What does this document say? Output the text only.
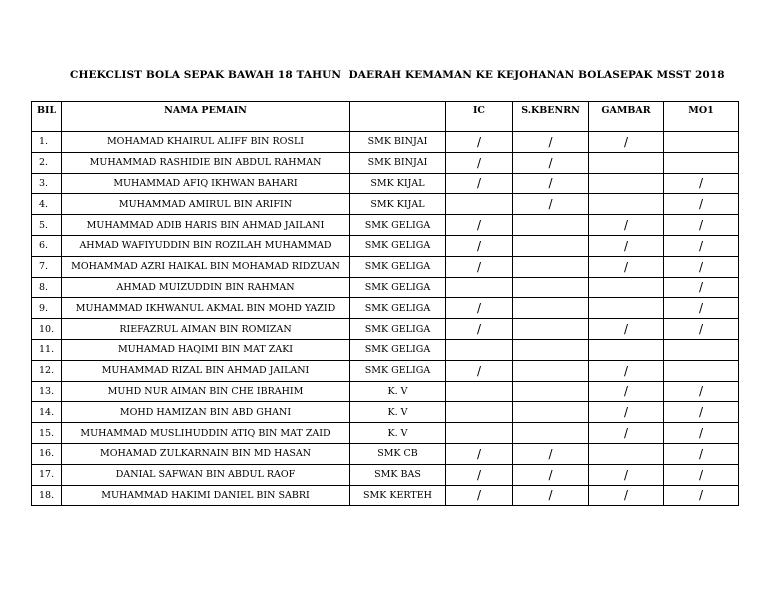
CHEKCLIST BOLA SEPAK BAWAH 18 TAHUN  DAERAH KEMAMAN KE KEJOHANAN BOLASEPAK MSST 2018
BIL	NAMA PEMAIN		IC	S.KBENRN	GAMBAR	MO1
1.	MOHAMAD KHAIRUL ALIFF BIN ROSLI	SMK BINJAI	/	/	/	
2.	MUHAMMAD RASHIDIE BIN ABDUL RAHMAN	SMK BINJAI	/	/		
3.	MUHAMMAD AFIQ IKHWAN BAHARI	SMK KIJAL	/	/		/
4.	MUHAMMAD AMIRUL BIN ARIFIN	SMK KIJAL		/		/
5.	MUHAMMAD ADIB HARIS BIN AHMAD JAILANI	SMK GELIGA	/		/	/
6.	AHMAD WAFIYUDDIN BIN ROZILAH MUHAMMAD	SMK GELIGA	/		/	/
7.	MOHAMMAD AZRI HAIKAL BIN MOHAMAD RIDZUAN	SMK GELIGA	/		/	/
8.	AHMAD MUIZUDDIN BIN RAHMAN	SMK GELIGA				/
9.	MUHAMMAD IKHWANUL AKMAL BIN MOHD YAZID	SMK GELIGA	/			/
10.	RIEFAZRUL AIMAN BIN ROMIZAN	SMK GELIGA	/		/	/
11.	MUHAMAD HAQIMI BIN MAT ZAKI	SMK GELIGA				
12.	MUHAMMAD RIZAL BIN AHMAD JAILANI	SMK GELIGA	/		/	
13.	MUHD NUR AIMAN BIN CHE IBRAHIM	K. V			/	/
14.	MOHD HAMIZAN BIN ABD GHANI	K. V			/	/
15.	MUHAMMAD MUSLIHUDDIN ATIQ BIN MAT ZAID	K. V			/	/
16.	MOHAMAD ZULKARNAIN BIN MD HASAN	SMK CB	/	/		/
17.	DANIAL SAFWAN BIN ABDUL RAOF	SMK BAS	/	/	/	/
18.	MUHAMMAD HAKIMI DANIEL BIN SABRI	SMK KERTEH	/	/	/	/
